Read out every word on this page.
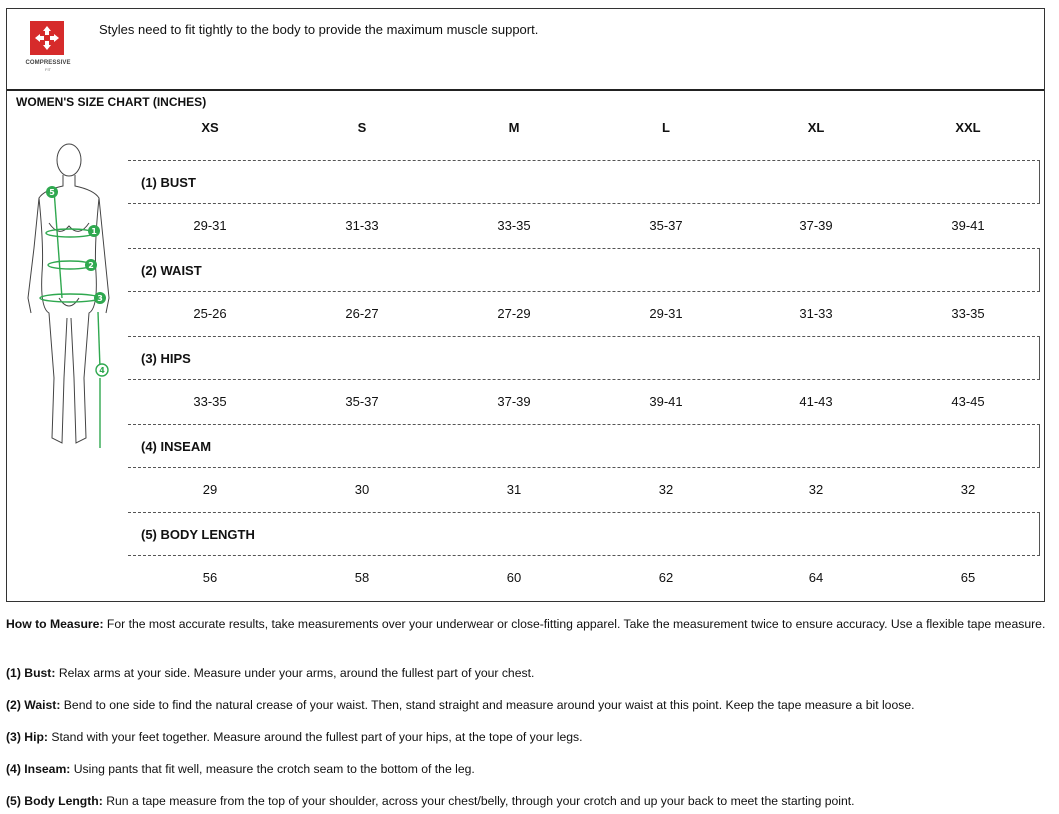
COMPRESSIVE
FIT
Styles need to fit tightly to the body to provide the maximum muscle support.
WOMEN'S SIZE CHART (INCHES)
1
2
3
4
5
XS	S	M	L	XL	XXL
(1) BUST
29-31	31-33	33-35	35-37	37-39	39-41
(2) WAIST
25-26	26-27	27-29	29-31	31-33	33-35
(3) HIPS
33-35	35-37	37-39	39-41	41-43	43-45
(4) INSEAM
29	30	31	32	32	32
(5) BODY LENGTH
56	58	60	62	64	65

How to Measure: For the most accurate results, take measurements over your underwear or close-fitting apparel. Take the measurement twice to ensure accuracy. Use a flexible tape measure.

(1) Bust: Relax arms at your side. Measure under your arms, around the fullest part of your chest.

(2) Waist: Bend to one side to find the natural crease of your waist. Then, stand straight and measure around your waist at this point. Keep the tape measure a bit loose.

(3) Hip: Stand with your feet together. Measure around the fullest part of your hips, at the tope of your legs.

(4) Inseam: Using pants that fit well, measure the crotch seam to the bottom of the leg.

(5) Body Length: Run a tape measure from the top of your shoulder, across your chest/belly, through your crotch and up your back to meet the starting point.
